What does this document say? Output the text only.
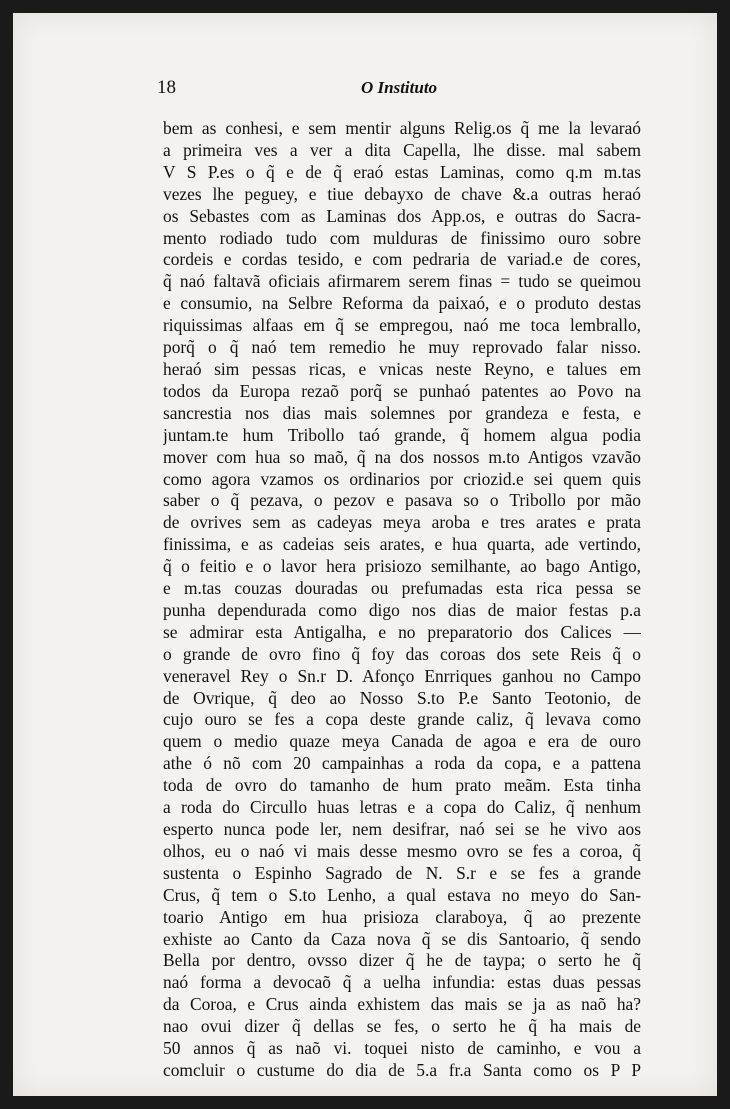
18	O Instituto
bem as conhesi, e sem mentir alguns Relig.os q̃ me la levaraó
a primeira ves a ver a dita Capella, lhe disse. mal sabem
V S P.es o q̃ e de q̃ eraó estas Laminas, como q.m m.tas
vezes lhe peguey, e tiue debayxo de chave &.a outras heraó
os Sebastes com as Laminas dos App.os, e outras do Sacra-
mento rodiado tudo com mulduras de finissimo ouro sobre
cordeis e cordas tesido, e com pedraria de variad.e de cores,
q̃ naó faltavã oficiais afirmarem serem finas = tudo se queimou
e consumio, na Selbre Reforma da paixaó, e o produto destas
riquissimas alfaas em q̃ se empregou, naó me toca lembrallo,
porq̃ o q̃ naó tem remedio he muy reprovado falar nisso.
heraó sim pessas ricas, e vnicas neste Reyno, e talues em
todos da Europa rezaõ porq̃ se punhaó patentes ao Povo na
sancrestia nos dias mais solemnes por grandeza e festa, e
juntam.te hum Tribollo taó grande, q̃ homem algua podia
mover com hua so maõ, q̃ na dos nossos m.to Antigos vzavão
como agora vzamos os ordinarios por criozid.e sei quem quis
saber o q̃ pezava, o pezov e pasava so o Tribollo por mão
de ovrives sem as cadeyas meya aroba e tres arates e prata
finissima, e as cadeias seis arates, e hua quarta, ade vertindo,
q̃ o feitio e o lavor hera prisiozo semilhante, ao bago Antigo,
e m.tas couzas douradas ou prefumadas esta rica pessa se
punha dependurada como digo nos dias de maior festas p.a
se admirar esta Antigalha, e no preparatorio dos Calices —
o grande de ovro fino q̃ foy das coroas dos sete Reis q̃ o
veneravel Rey o Sn.r D. Afonço Enrriques ganhou no Campo
de Ovrique, q̃ deo ao Nosso S.to P.e Santo Teotonio, de
cujo ouro se fes a copa deste grande caliz, q̃ levava como
quem o medio quaze meya Canada de agoa e era de ouro
athe ó nõ com 20 campainhas a roda da copa, e a pattena
toda de ovro do tamanho de hum prato meãm. Esta tinha
a roda do Circullo huas letras e a copa do Caliz, q̃ nenhum
esperto nunca pode ler, nem desifrar, naó sei se he vivo aos
olhos, eu o naó vi mais desse mesmo ovro se fes a coroa, q̃
sustenta o Espinho Sagrado de N. S.r e se fes a grande
Crus, q̃ tem o S.to Lenho, a qual estava no meyo do San-
toario Antigo em hua prisioza claraboya, q̃ ao prezente
exhiste ao Canto da Caza nova q̃ se dis Santoario, q̃ sendo
Bella por dentro, ovsso dizer q̃ he de taypa; o serto he q̃
naó forma a devocaõ q̃ a uelha infundia: estas duas pessas
da Coroa, e Crus ainda exhistem das mais se ja as naõ ha?
nao ovui dizer q̃ dellas se fes, o serto he q̃ ha mais de
50 annos q̃ as naõ vi. toquei nisto de caminho, e vou a
comcluir o custume do dia de 5.a fr.a Santa como os P P
